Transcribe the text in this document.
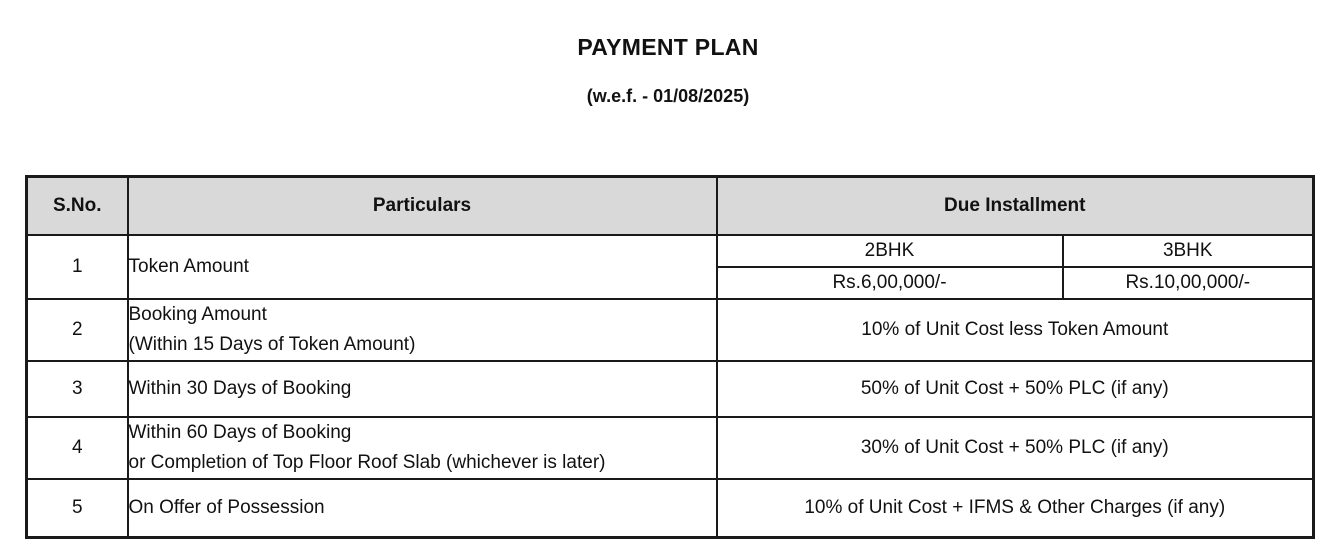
PAYMENT PLAN
(w.e.f. - 01/08/2025)
S.No.	Particulars	Due Installment	
1	Token Amount	2BHK	3BHK
		Rs.6,00,000/-	Rs.10,00,000/-
2	Booking Amount
(Within 15 Days of Token Amount)	10% of Unit Cost less Token Amount	
3	Within 30 Days of Booking	50% of Unit Cost + 50% PLC (if any)	
4	Within 60 Days of Booking
or Completion of Top Floor Roof Slab (whichever is later)	30% of Unit Cost + 50% PLC (if any)	
5	On Offer of Possession	10% of Unit Cost + IFMS & Other Charges (if any)	
